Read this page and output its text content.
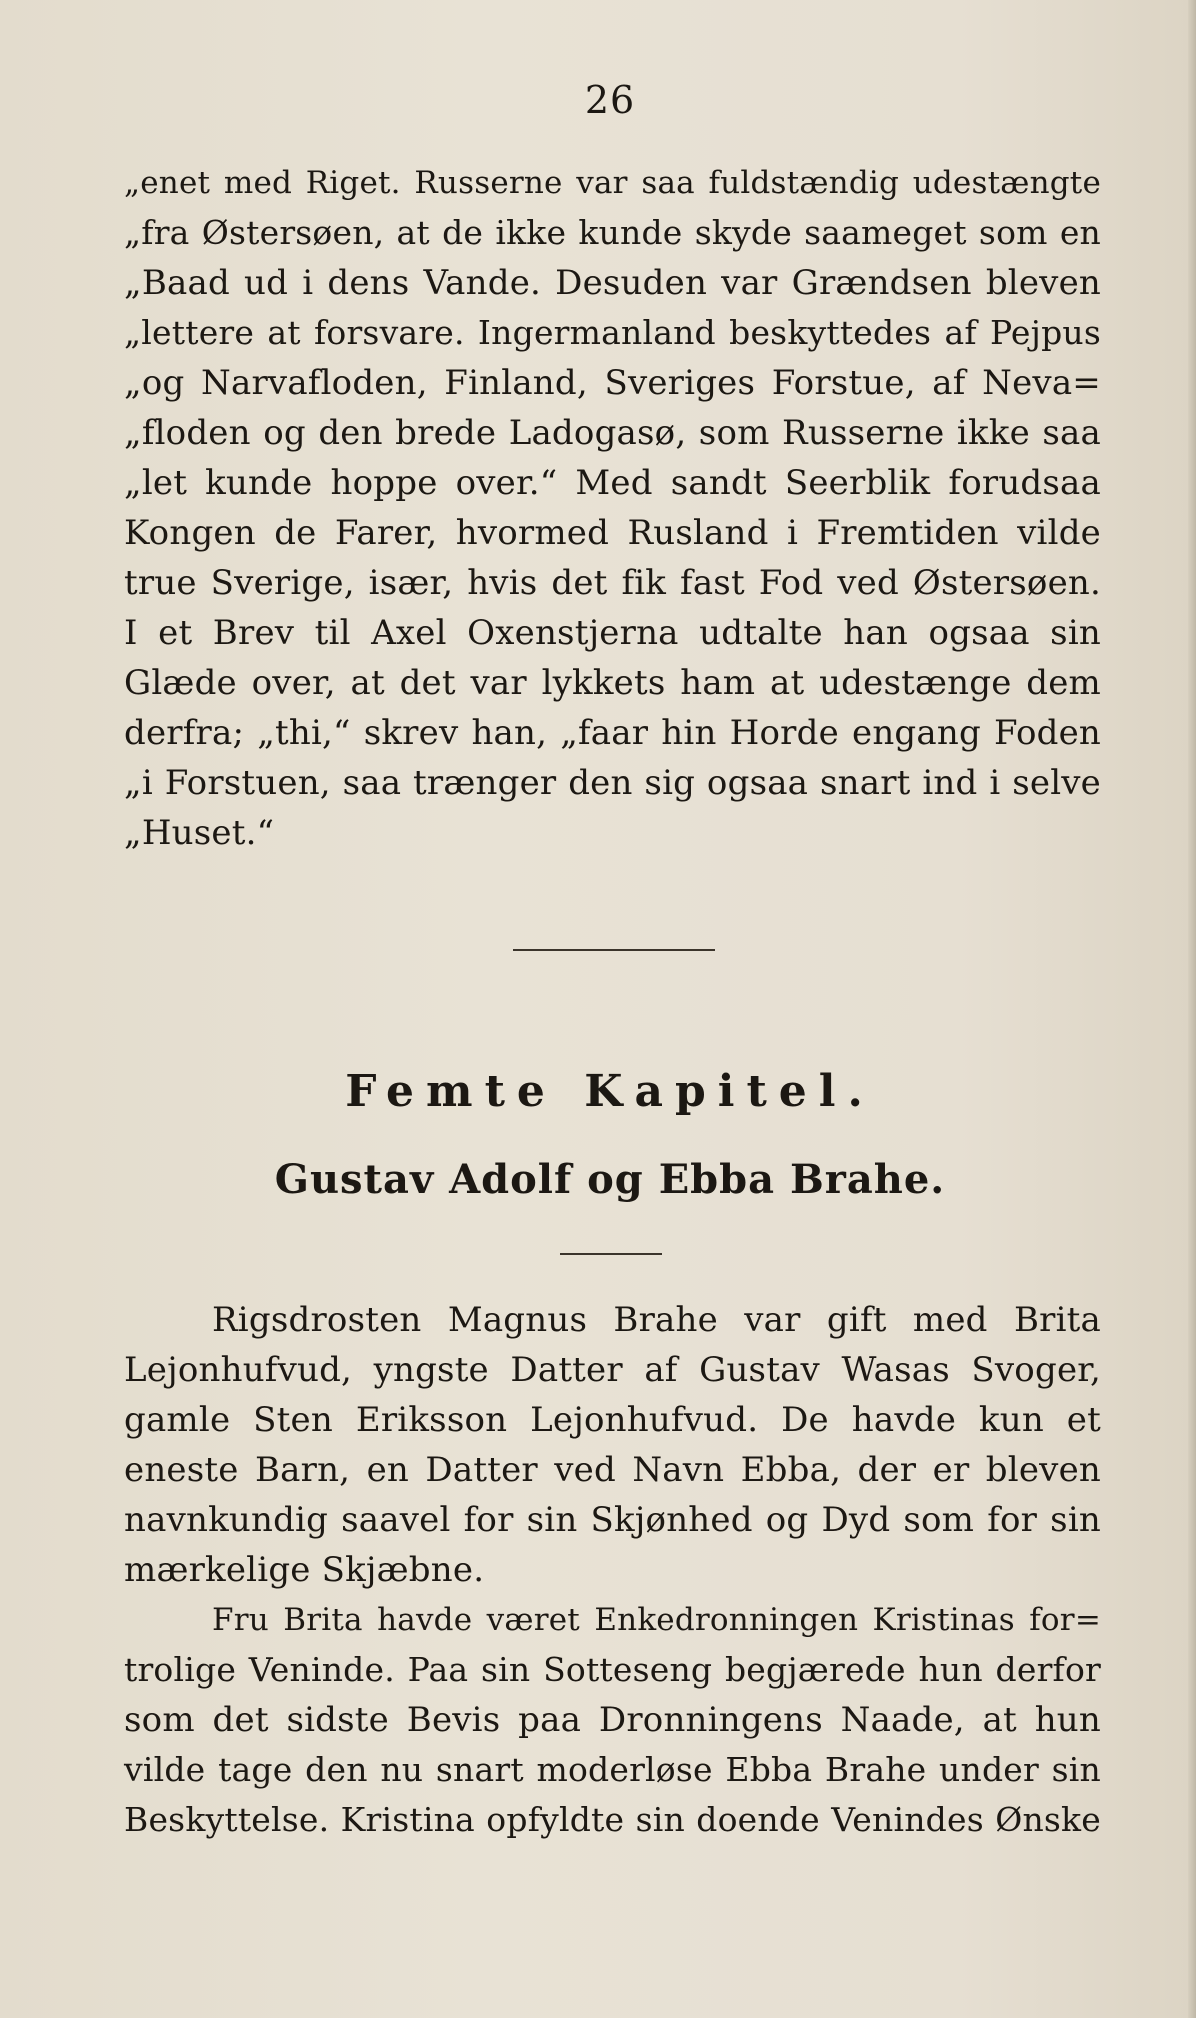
26
„enet med Riget. Russerne var saa fuldstændig udestængte
„fra Østersøen, at de ikke kunde skyde saameget som en
„Baad ud i dens Vande. Desuden var Grændsen bleven
„lettere at forsvare. Ingermanland beskyttedes af Pejpus
„og Narvafloden, Finland, Sveriges Forstue, af Neva=
„floden og den brede Ladogasø, som Russerne ikke saa
„let kunde hoppe over.“ Med sandt Seerblik forudsaa
Kongen de Farer, hvormed Rusland i Fremtiden vilde
true Sverige, især, hvis det fik fast Fod ved Østersøen.
I et Brev til Axel Oxenstjerna udtalte han ogsaa sin
Glæde over, at det var lykkets ham at udestænge dem
derfra; „thi,“ skrev han, „faar hin Horde engang Foden
„i Forstuen, saa trænger den sig ogsaa snart ind i selve
„Huset.“
Femte Kapitel.
Gustav Adolf og Ebba Brahe.
Rigsdrosten Magnus Brahe var gift med Brita
Lejonhufvud, yngste Datter af Gustav Wasas Svoger,
gamle Sten Eriksson Lejonhufvud. De havde kun et
eneste Barn, en Datter ved Navn Ebba, der er bleven
navnkundig saavel for sin Skjønhed og Dyd som for sin
mærkelige Skjæbne.
Fru Brita havde været Enkedronningen Kristinas for=
trolige Veninde. Paa sin Sotteseng begjærede hun derfor
som det sidste Bevis paa Dronningens Naade, at hun
vilde tage den nu snart moderløse Ebba Brahe under sin
Beskyttelse. Kristina opfyldte sin doende Venindes Ønske
